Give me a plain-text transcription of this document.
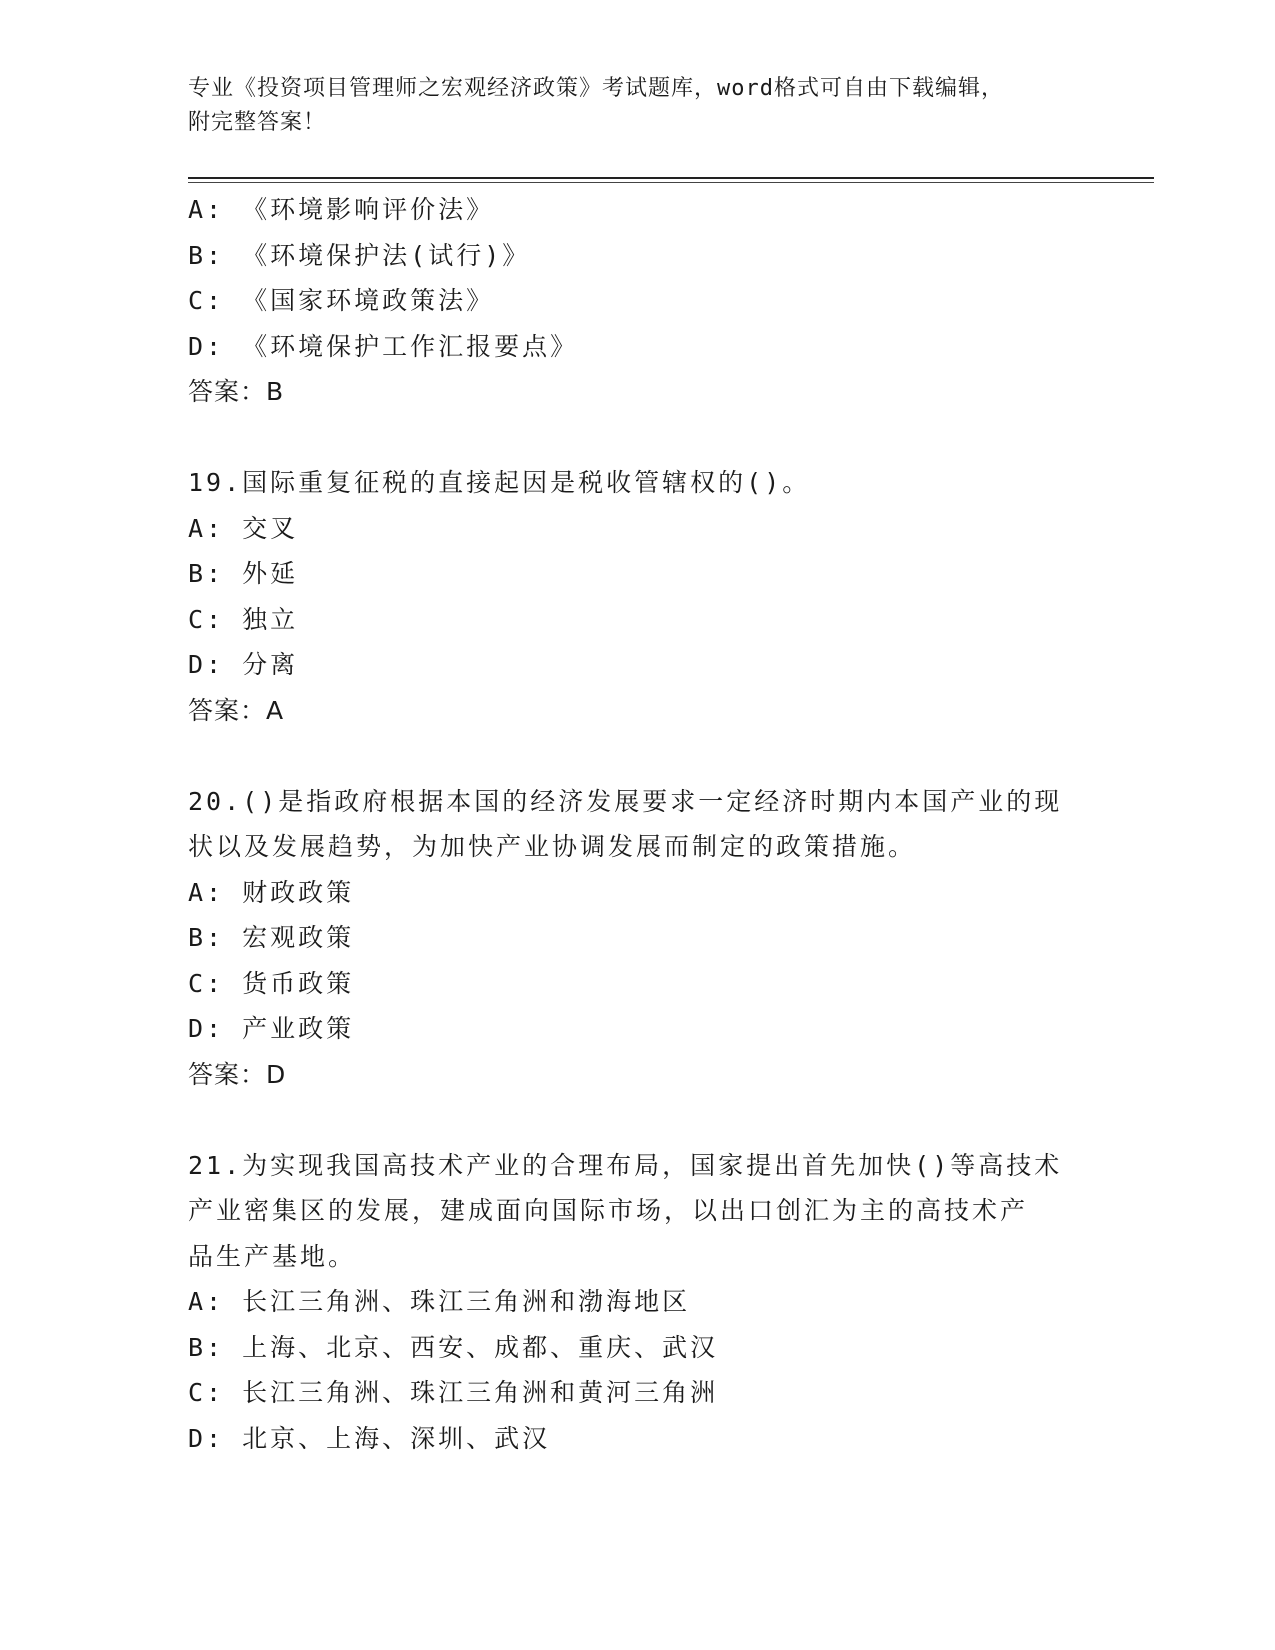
专业《投资项目管理师之宏观经济政策》考试题库，word格式可自由下载编辑，
附完整答案！
A: 《环境影响评价法》
B: 《环境保护法(试行)》
C: 《国家环境政策法》
D: 《环境保护工作汇报要点》
答案：B
19.国际重复征税的直接起因是税收管辖权的()。
A: 交叉
B: 外延
C: 独立
D: 分离
答案：A
20.()是指政府根据本国的经济发展要求一定经济时期内本国产业的现
状以及发展趋势，为加快产业协调发展而制定的政策措施。
A: 财政政策
B: 宏观政策
C: 货币政策
D: 产业政策
答案：D
21.为实现我国高技术产业的合理布局，国家提出首先加快()等高技术
产业密集区的发展，建成面向国际市场，以出口创汇为主的高技术产
品生产基地。
A: 长江三角洲、珠江三角洲和渤海地区
B: 上海、北京、西安、成都、重庆、武汉
C: 长江三角洲、珠江三角洲和黄河三角洲
D: 北京、上海、深圳、武汉
